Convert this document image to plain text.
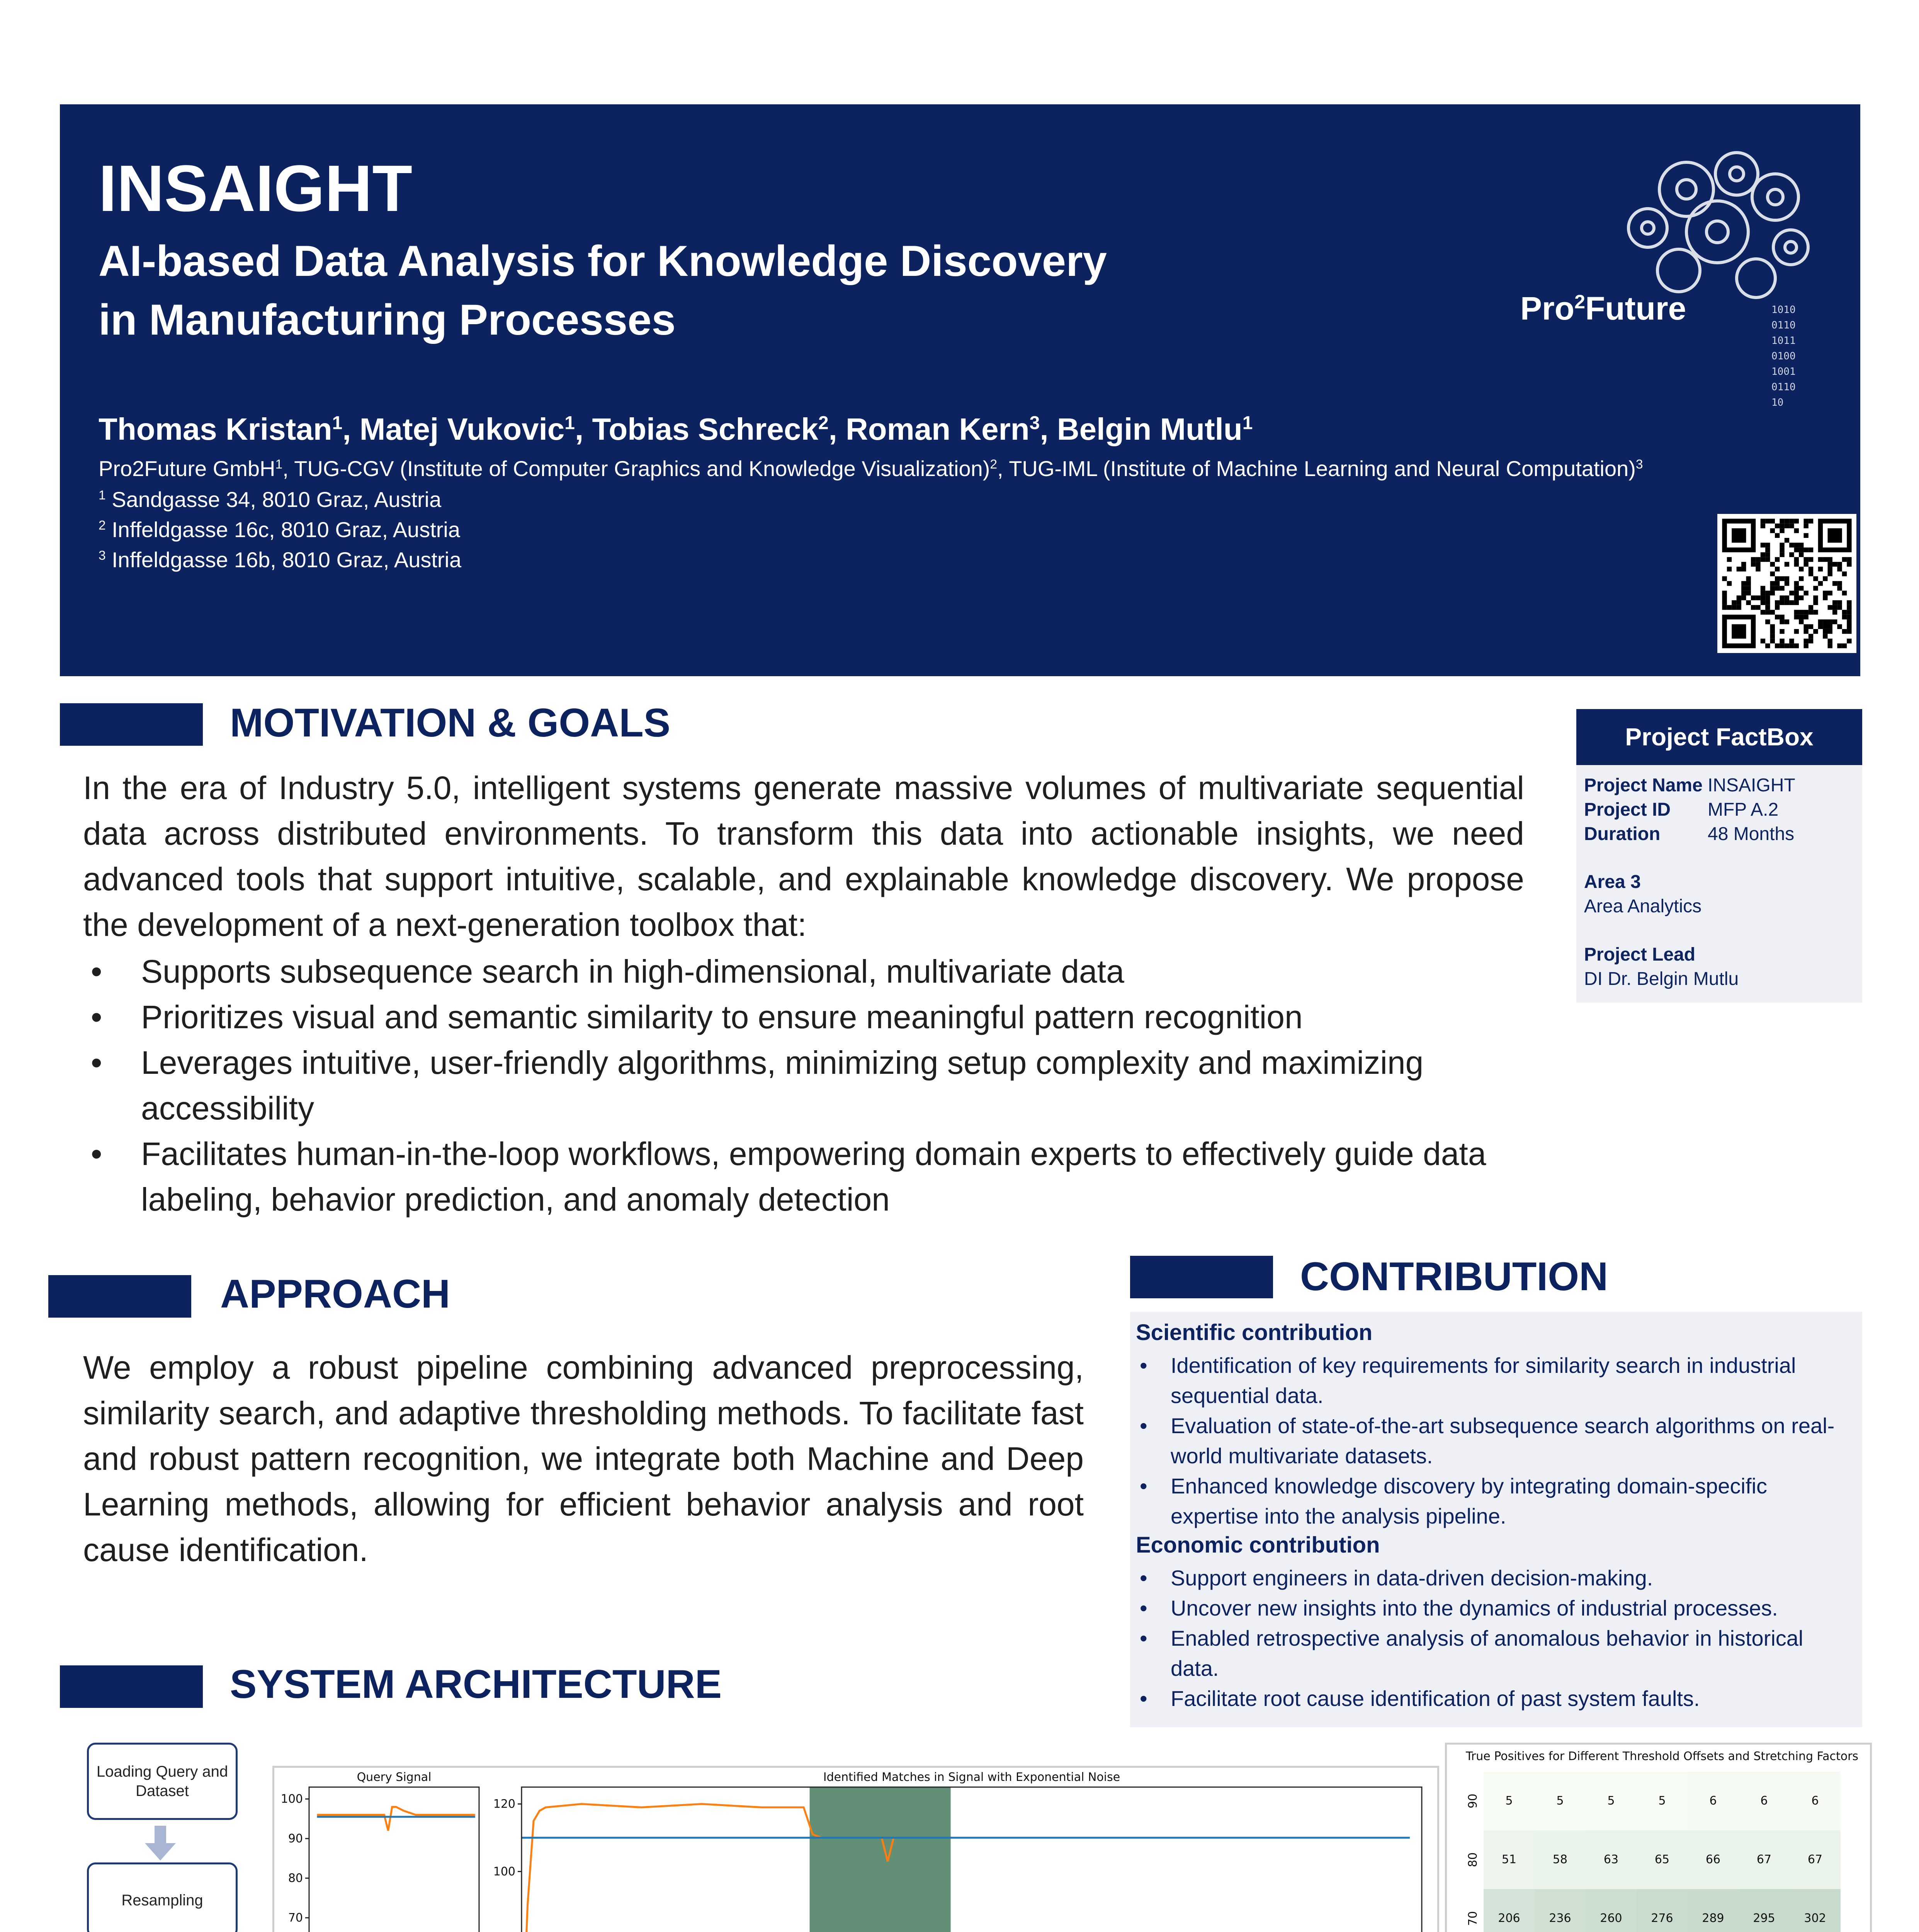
INSAIGHT
AI-based Data Analysis for Knowledge Discovery
in Manufacturing Processes
Thomas Kristan$^1$, Matej Vukovic$^1$, Tobias Schreck$^2$, Roman Kern$^3$, Belgin Mutlu$^1$
Pro2Future GmbH$^1$, TUG-CGV (Institute of Computer Graphics and Knowledge Visualization)$^2$, TUG-IML (Institute of Machine Learning and Neural Computation)$^3$
$^1$ Sandgasse 34, 8010 Graz, Austria
$^2$ Inffeldgasse 16c, 8010 Graz, Austria
$^3$ Inffeldgasse 16b, 8010 Graz, Austria
1010
0110
1011
0100
1001
0110
10
Pro$^2$Future
MOTIVATION & GOALS
In the era of Industry 5.0, intelligent systems generate massive volumes of multivariate sequential data across distributed environments. To transform this data into actionable insights, we need advanced tools that support intuitive, scalable, and explainable knowledge discovery. We propose the development of a next-generation toolbox that:
• Supports subsequence search in high-dimensional, multivariate data
• Prioritizes visual and semantic similarity to ensure meaningful pattern recognition
• Leverages intuitive, user-friendly algorithms, minimizing setup complexity and maximizing accessibility
• Facilitates human-in-the-loop workflows, empowering domain experts to effectively guide data labeling, behavior prediction, and anomaly detection
Project FactBox
Project Name INSAIGHT
Project ID MFP A.2
Duration	48 Months
Area 3
Area Analytics
Project Lead
DI Dr. Belgin Mutlu
APPROACH
We employ a robust pipeline combining advanced preprocessing, similarity search, and adaptive thresholding methods. To facilitate fast and robust pattern recognition, we integrate both Machine and Deep Learning methods, allowing for efficient behavior analysis and root cause identification.
CONTRIBUTION
Scientific contribution
• Identification of key requirements for similarity search in industrial sequential data.
• Evaluation of state-of-the-art subsequence search algorithms on real-world multivariate datasets.
• Enhanced knowledge discovery by integrating domain-specific expertise into the analysis pipeline.
Economic contribution
• Support engineers in data-driven decision-making.
• Uncover new insights into the dynamics of industrial processes.
• Enabled retrospective analysis of anomalous behavior in historical data.
• Facilitate root cause identification of past system faults.
SYSTEM ARCHITECTURE
Loading Query and Dataset
Resampling
Query Signal
70
80
90
100
Identified Matches in Signal with Exponential Noise
100
120
True Positives for Different Threshold Offsets and Stretching Factors
5	5	5	5	6	6	6
90
51	58	63	65	66	67	67
80
206 236 260 276 289 295 302
70
